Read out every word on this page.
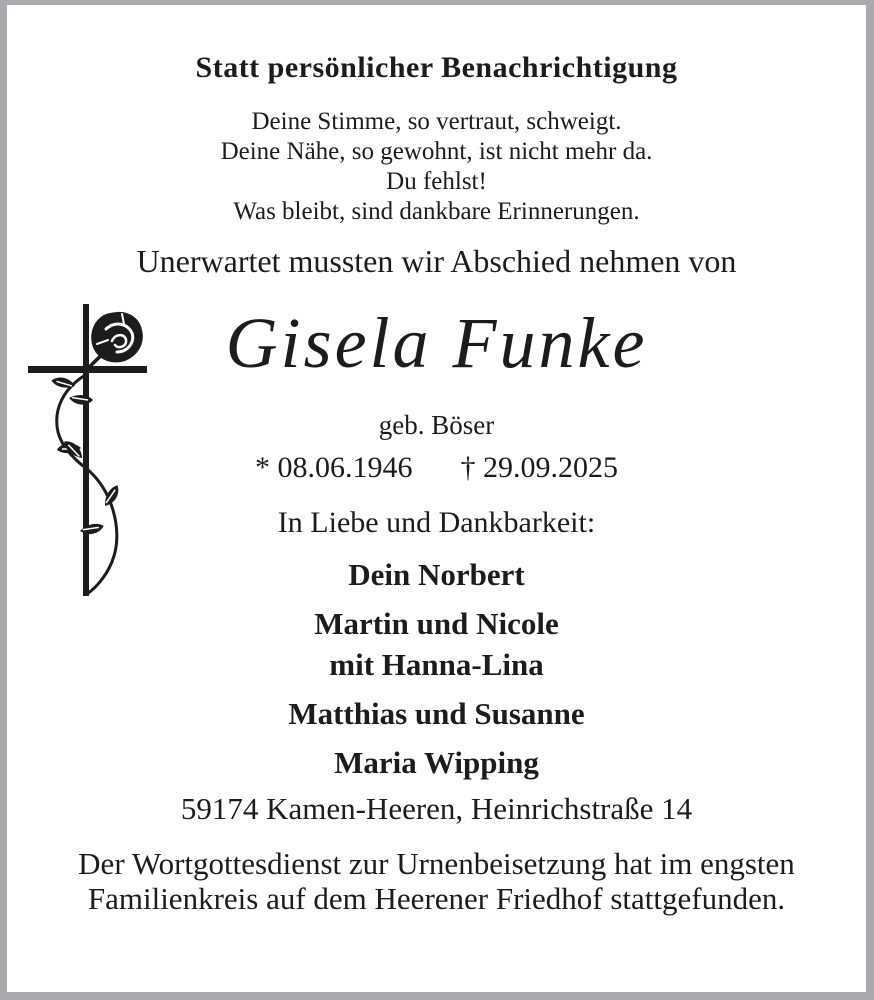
Statt persönlicher Benachrichtigung
Deine Stimme, so vertraut, schweigt.
Deine Nähe, so gewohnt, ist nicht mehr da.
Du fehlst!
Was bleibt, sind dankbare Erinnerungen.
Unerwartet mussten wir Abschied nehmen von
Gisela Funke
geb. Böser
* 08.06.1946 † 29.09.2025
In Liebe und Dankbarkeit:
Dein Norbert
Martin und Nicole
mit Hanna-Lina
Matthias und Susanne
Maria Wipping
59174 Kamen-Heeren, Heinrichstraße 14
Der Wortgottesdienst zur Urnenbeisetzung hat im engsten Familienkreis auf dem Heerener Friedhof stattgefunden.
